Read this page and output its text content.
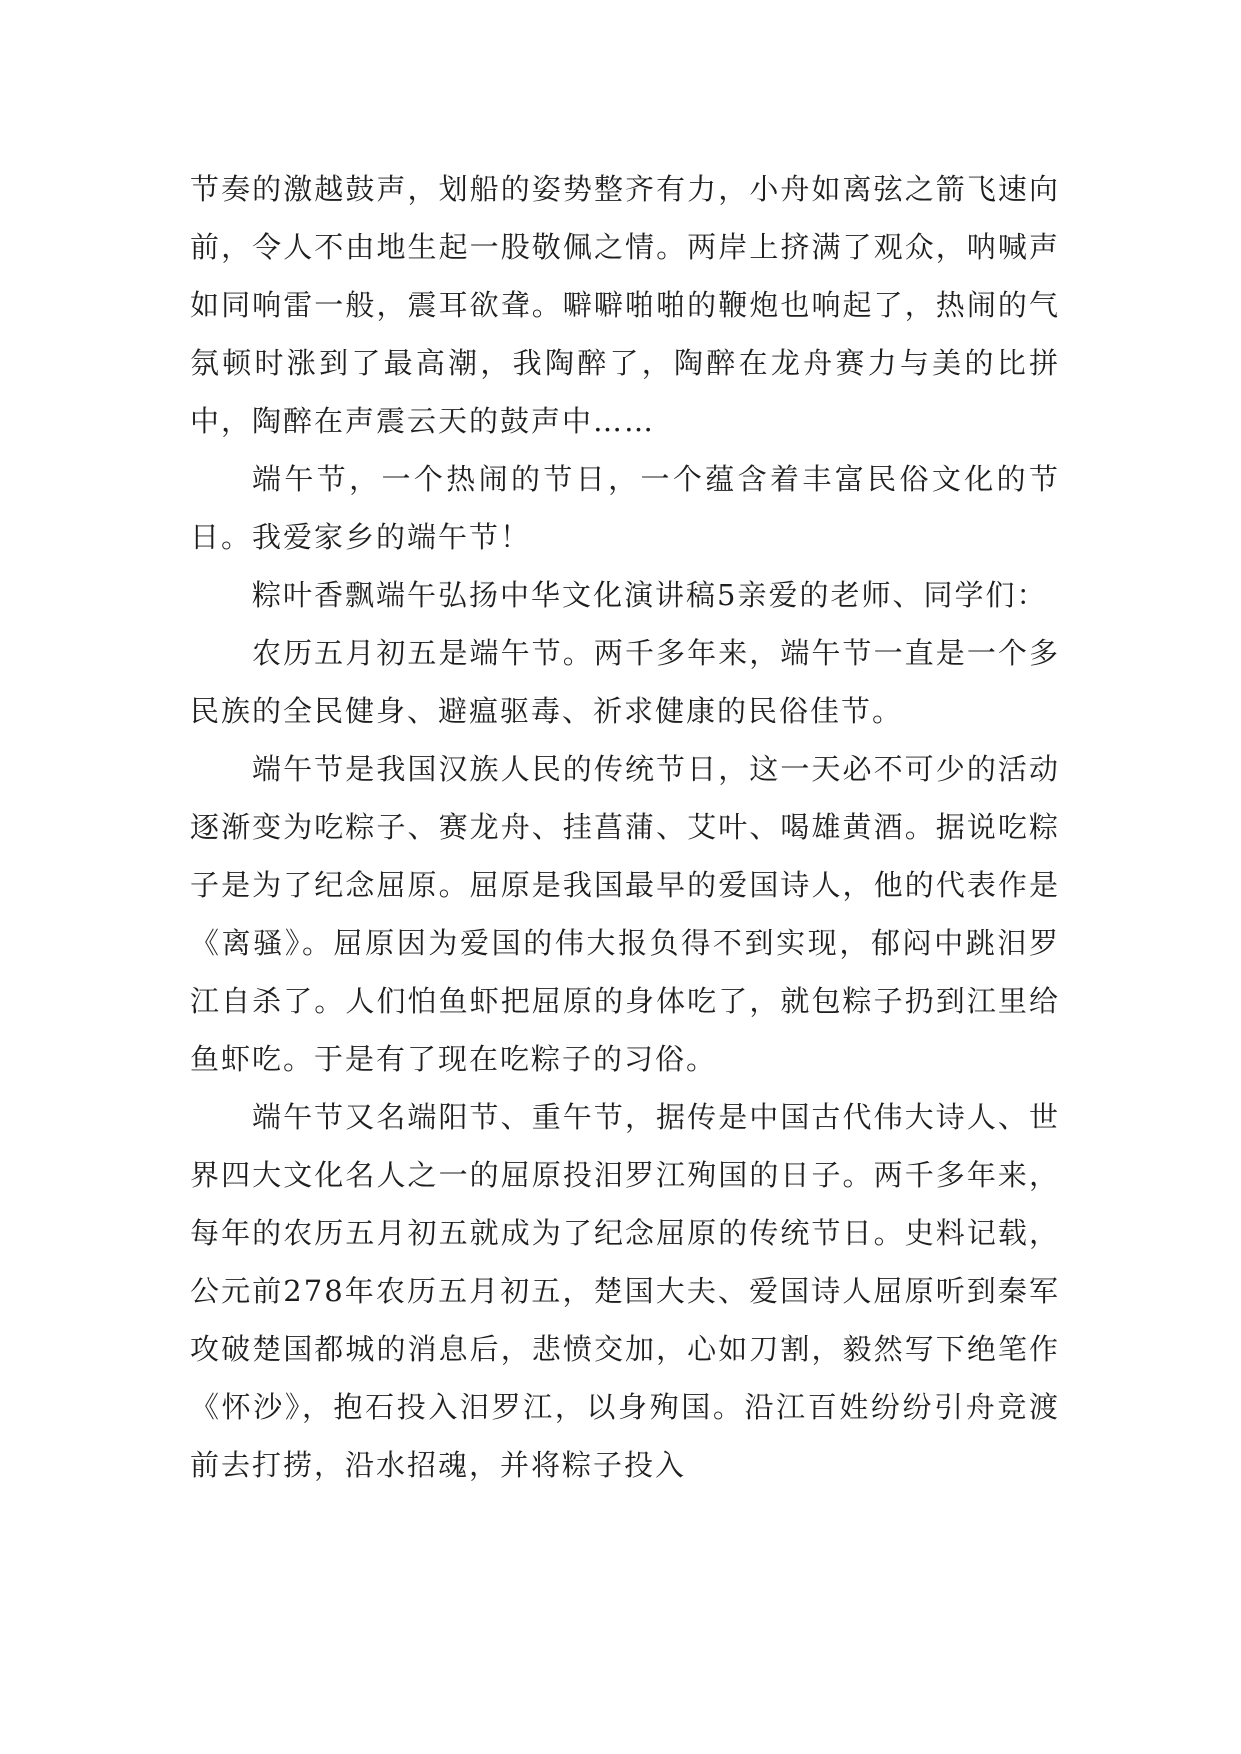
节奏的激越鼓声，划船的姿势整齐有力，小舟如离弦之箭飞速向前，令人不由地生起一股敬佩之情。两岸上挤满了观众，呐喊声如同响雷一般，震耳欲聋。噼噼啪啪的鞭炮也响起了，热闹的气氛顿时涨到了最高潮，我陶醉了，陶醉在龙舟赛力与美的比拼中，陶醉在声震云天的鼓声中……

端午节，一个热闹的节日，一个蕴含着丰富民俗文化的节日。我爱家乡的端午节！

粽叶香飘端午弘扬中华文化演讲稿5亲爱的老师、同学们：

农历五月初五是端午节。两千多年来，端午节一直是一个多民族的全民健身、避瘟驱毒、祈求健康的民俗佳节。

端午节是我国汉族人民的传统节日，这一天必不可少的活动逐渐变为吃粽子、赛龙舟、挂菖蒲、艾叶、喝雄黄酒。据说吃粽子是为了纪念屈原。屈原是我国最早的爱国诗人，他的代表作是《离骚》。屈原因为爱国的伟大报负得不到实现，郁闷中跳汨罗江自杀了。人们怕鱼虾把屈原的身体吃了，就包粽子扔到江里给鱼虾吃。于是有了现在吃粽子的习俗。

端午节又名端阳节、重午节，据传是中国古代伟大诗人、世界四大文化名人之一的屈原投汨罗江殉国的日子。两千多年来，每年的农历五月初五就成为了纪念屈原的传统节日。史料记载，公元前278年农历五月初五，楚国大夫、爱国诗人屈原听到秦军攻破楚国都城的消息后，悲愤交加，心如刀割，毅然写下绝笔作《怀沙》，抱石投入汨罗江，以身殉国。沿江百姓纷纷引舟竞渡前去打捞，沿水招魂，并将粽子投入
